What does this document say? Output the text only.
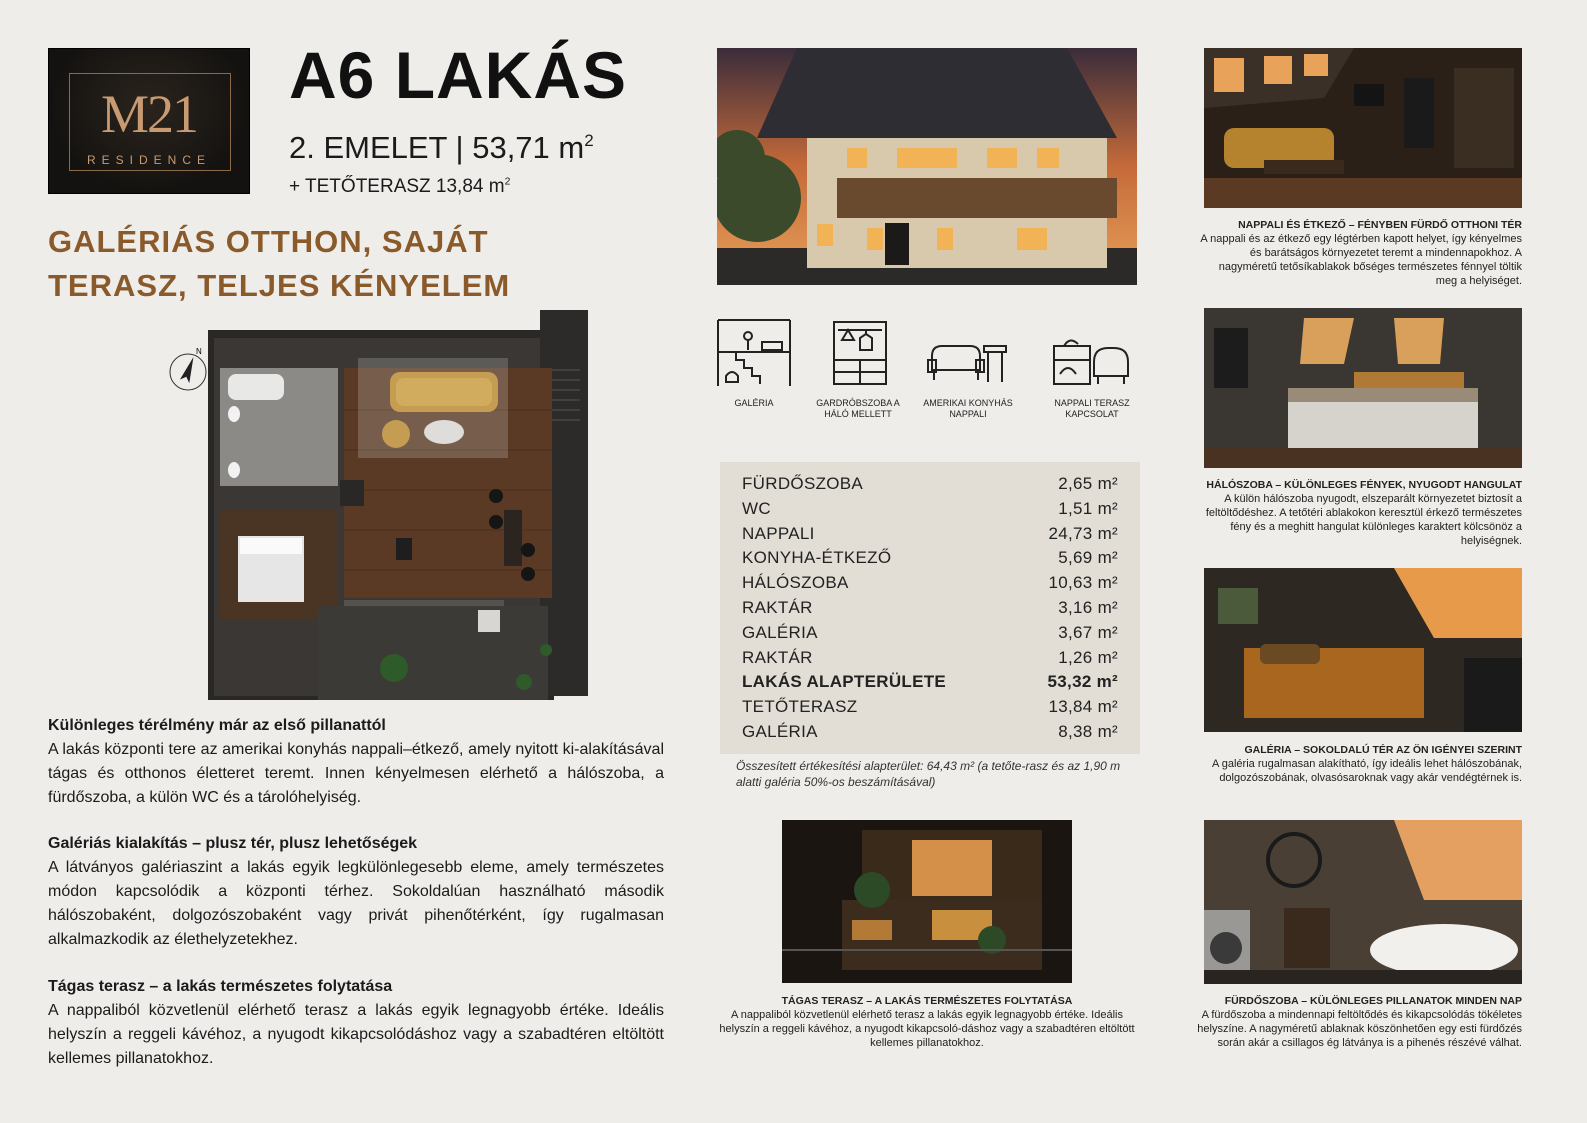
M21
RESIDENCE
A6 LAKÁS
2. EMELET | 53,71 $m^2$
+ TETŐTERASZ 13,84 $m^2$
GALÉRIÁS OTTHON, SAJÁT
TERASZ, TELJES KÉNYELEM
N
Különleges térélmény már az első pillanattól

A lakás központi tere az amerikai konyhás nappali–étkező, amely nyitott ki-alakításával tágas és otthonos életteret teremt. Innen kényelmesen elérhető a hálószoba, a fürdőszoba, a külön WC és a tárolóhelyiség.

Galériás kialakítás – plusz tér, plusz lehetőségek

A látványos galériaszint a lakás egyik legkülönlegesebb eleme, amely természetes módon kapcsolódik a központi térhez. Sokoldalúan használható második hálószobaként, dolgozószobaként vagy privát pihenőtérként, így rugalmasan alkalmazkodik az élethelyzetekhez.

Tágas terasz – a lakás természetes folytatása

A nappaliból közvetlenül elérhető terasz a lakás egyik legnagyobb értéke. Ideális helyszín a reggeli kávéhoz, a nyugodt kikapcsolódáshoz vagy a szabadtéren eltöltött kellemes pillanatokhoz.

GALÉRIA	GARDRÓBSZOBA A HÁLÓ MELLETT
AMERIKAI KONYHÁS NAPPALI
NAPPALI TERASZ KAPCSOLAT
FÜRDŐSZOBA	2,65 m²
WC	1,51 m²
NAPPALI	24,73 m²
KONYHA-ÉTKEZŐ	5,69 m²
HÁLÓSZOBA	10,63 m²
RAKTÁR	3,16 m²
GALÉRIA	3,67 m²
RAKTÁR	1,26 m²
LAKÁS ALAPTERÜLETE	53,32 m²
TETŐTERASZ	13,84 m²
GALÉRIA	8,38 m²
Összesített értékesítési alapterület: 64,43 m² (a tetőte-rasz és az 1,90 m alatti galéria 50%-os beszámításával)
TÁGAS TERASZ – A LAKÁS TERMÉSZETES FOLYTATÁSA
A nappaliból közvetlenül elérhető terasz a lakás egyik legnagyobb értéke. Ideális helyszín a reggeli kávéhoz, a nyugodt kikapcsoló-dáshoz vagy a szabadtéren eltöltött kellemes pillanatokhoz.
NAPPALI ÉS ÉTKEZŐ – FÉNYBEN FÜRDŐ OTTHONI TÉR
A nappali és az étkező egy légtérben kapott helyet, így kényelmes és barátságos környezetet teremt a mindennapokhoz. A nagyméretű tetősíkablakok bőséges természetes fénnyel töltik meg a helyiséget.
HÁLÓSZOBA – KÜLÖNLEGES FÉNYEK, NYUGODT HANGULAT
A külön hálószoba nyugodt, elszeparált környezetet biztosít a feltöltődéshez. A tetőtéri ablakokon keresztül érkező természetes fény és a meghitt hangulat különleges karaktert kölcsönöz a helyiségnek.
GALÉRIA – SOKOLDALÚ TÉR AZ ÖN IGÉNYEI SZERINT
A galéria rugalmasan alakítható, így ideális lehet hálószobának, dolgozószobának, olvasósaroknak vagy akár vendégtérnek is.
FÜRDŐSZOBA – KÜLÖNLEGES PILLANATOK MINDEN NAP
A fürdőszoba a mindennapi feltöltődés és kikapcsolódás tökéletes helyszíne. A nagyméretű ablaknak köszönhetően egy esti fürdőzés során akár a csillagos ég látványa is a pihenés részévé válhat.
